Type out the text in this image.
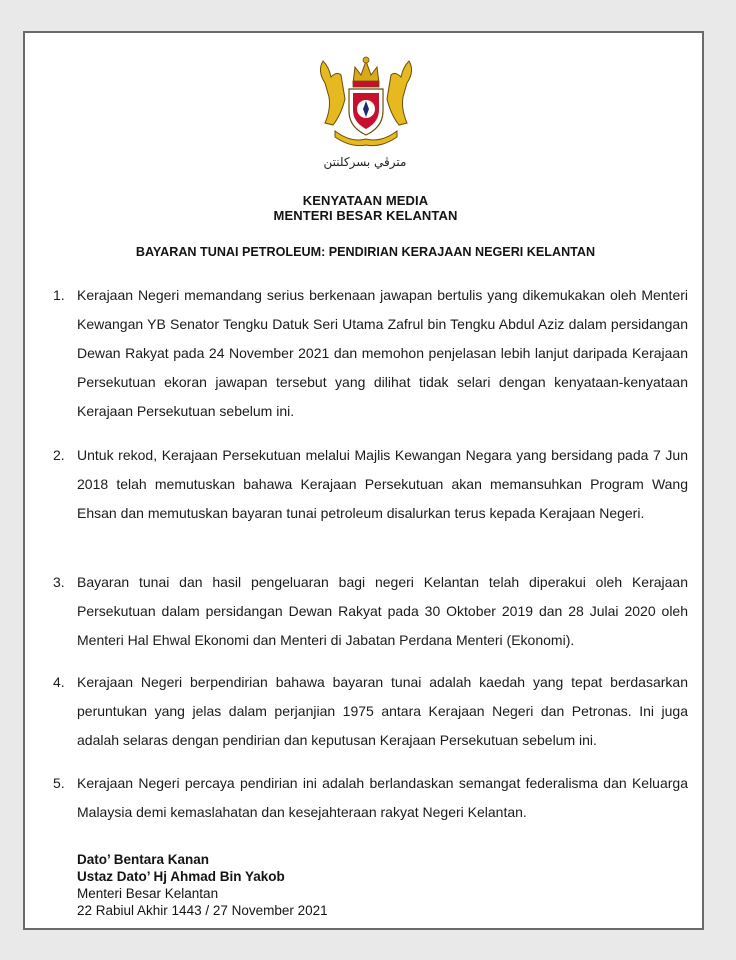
مترڤي بسرکلنتن
KENYATAAN MEDIA
MENTERI BESAR KELANTAN
BAYARAN TUNAI PETROLEUM: PENDIRIAN KERAJAAN NEGERI KELANTAN
1. Kerajaan Negeri memandang serius berkenaan jawapan bertulis yang dikemukakan oleh Menteri Kewangan YB Senator Tengku Datuk Seri Utama Zafrul bin Tengku Abdul Aziz dalam persidangan Dewan Rakyat pada 24 November 2021 dan memohon penjelasan lebih lanjut daripada Kerajaan Persekutuan ekoran jawapan tersebut yang dilihat tidak selari dengan kenyataan-kenyataan Kerajaan Persekutuan sebelum ini.
2. Untuk rekod, Kerajaan Persekutuan melalui Majlis Kewangan Negara yang bersidang pada 7 Jun 2018 telah memutuskan bahawa Kerajaan Persekutuan akan memansuhkan Program Wang Ehsan dan memutuskan bayaran tunai petroleum disalurkan terus kepada Kerajaan Negeri.
3. Bayaran tunai dan hasil pengeluaran bagi negeri Kelantan telah diperakui oleh Kerajaan Persekutuan dalam persidangan Dewan Rakyat pada 30 Oktober 2019 dan 28 Julai 2020 oleh Menteri Hal Ehwal Ekonomi dan Menteri di Jabatan Perdana Menteri (Ekonomi).
4. Kerajaan Negeri berpendirian bahawa bayaran tunai adalah kaedah yang tepat berdasarkan peruntukan yang jelas dalam perjanjian 1975 antara Kerajaan Negeri dan Petronas. Ini juga adalah selaras dengan pendirian dan keputusan Kerajaan Persekutuan sebelum ini.
5. Kerajaan Negeri percaya pendirian ini adalah berlandaskan semangat federalisma dan Keluarga Malaysia demi kemaslahatan dan kesejahteraan rakyat Negeri Kelantan.
Dato’ Bentara Kanan
Ustaz Dato’ Hj Ahmad Bin Yakob
Menteri Besar Kelantan
22 Rabiul Akhir 1443 / 27 November 2021
